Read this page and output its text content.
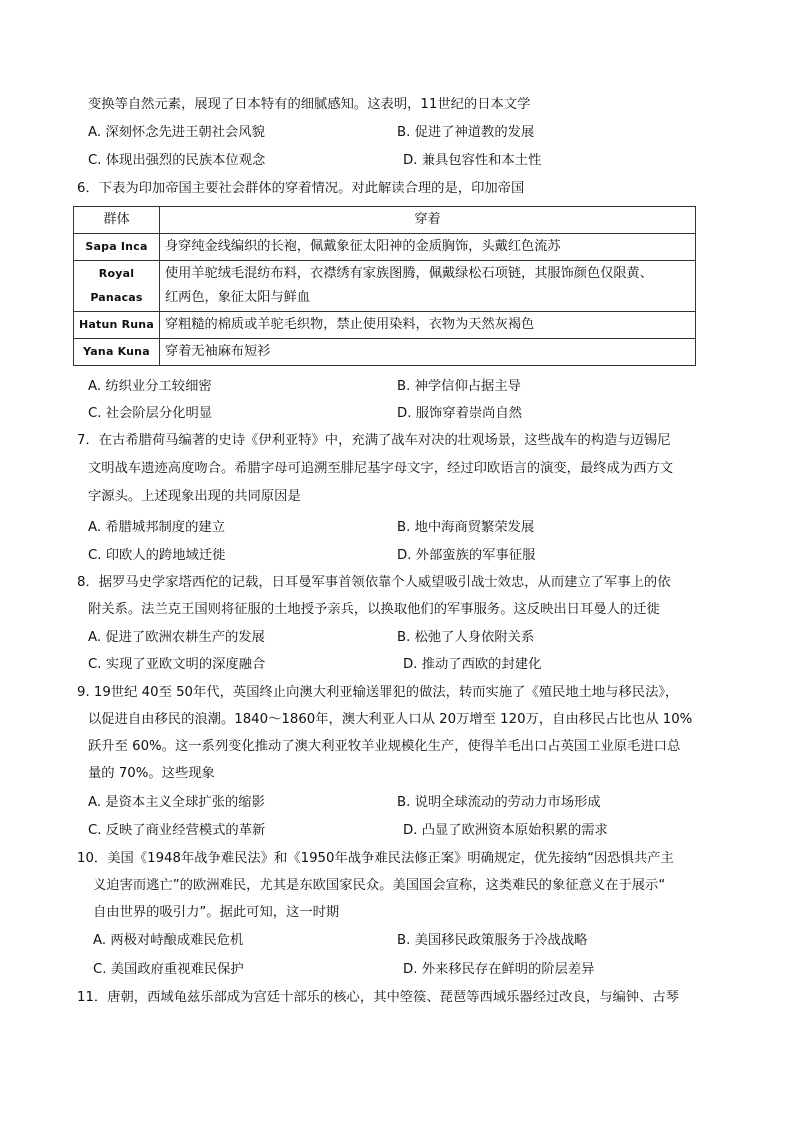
变换等自然元素，展现了日本特有的细腻感知。这表明，11世纪的日本文学
A. 深刻怀念先进王朝社会风貌	B. 促进了神道教的发展
C. 体现出强烈的民族本位观念	D. 兼具包容性和本土性
6．下表为印加帝国主要社会群体的穿着情况。对此解读合理的是，印加帝国
群体	穿着
Sapa Inca	身穿纯金线编织的长袍，佩戴象征太阳神的金质胸饰，头戴红色流苏
Royal Panacas	使用羊驼绒毛混纺布料，衣襟绣有家族图腾，佩戴绿松石项链，其服饰颜色仅限黄、
红两色，象征太阳与鲜血

Hatun Runa	穿粗糙的棉质或羊驼毛织物，禁止使用染料，衣物为天然灰褐色
Yana Kuna	穿着无袖麻布短衫
A. 纺织业分工较细密	B. 神学信仰占据主导
C. 社会阶层分化明显	D. 服饰穿着崇尚自然
7．在古希腊荷马编著的史诗《伊利亚特》中，充满了战车对决的壮观场景，这些战车的构造与迈锡尼
文明战车遗迹高度吻合。希腊字母可追溯至腓尼基字母文字，经过印欧语言的演变，最终成为西方文
字源头。上述现象出现的共同原因是
A. 希腊城邦制度的建立	B. 地中海商贸繁荣发展
C. 印欧人的跨地域迁徙	D. 外部蛮族的军事征服
8．据罗马史学家塔西佗的记载，日耳曼军事首领依靠个人威望吸引战士效忠，从而建立了军事上的依
附关系。法兰克王国则将征服的土地授予亲兵，以换取他们的军事服务。这反映出日耳曼人的迁徙
A. 促进了欧洲农耕生产的发展	B. 松弛了人身依附关系
C. 实现了亚欧文明的深度融合	D. 推动了西欧的封建化
9. 19世纪 40至 50年代，英国终止向澳大利亚输送罪犯的做法，转而实施了《殖民地土地与移民法》，
以促进自由移民的浪潮。1840～1860年，澳大利亚人口从 20万增至 120万，自由移民占比也从 10%
跃升至 60%。这一系列变化推动了澳大利亚牧羊业规模化生产，使得羊毛出口占英国工业原毛进口总
量的 70%。这些现象
A. 是资本主义全球扩张的缩影	B. 说明全球流动的劳动力市场形成
C. 反映了商业经营模式的革新	D. 凸显了欧洲资本原始积累的需求
10．美国《1948年战争难民法》和《1950年战争难民法修正案》明确规定，优先接纳“因恐惧共产主
义迫害而逃亡”的欧洲难民，尤其是东欧国家民众。美国国会宣称，这类难民的象征意义在于展示“
自由世界的吸引力”。据此可知，这一时期
A. 两极对峙酿成难民危机	B. 美国移民政策服务于冷战战略
C. 美国政府重视难民保护	D. 外来移民存在鲜明的阶层差异
11．唐朝，西域龟兹乐部成为宫廷十部乐的核心，其中箜篌、琵琶等西域乐器经过改良，与编钟、古琴
